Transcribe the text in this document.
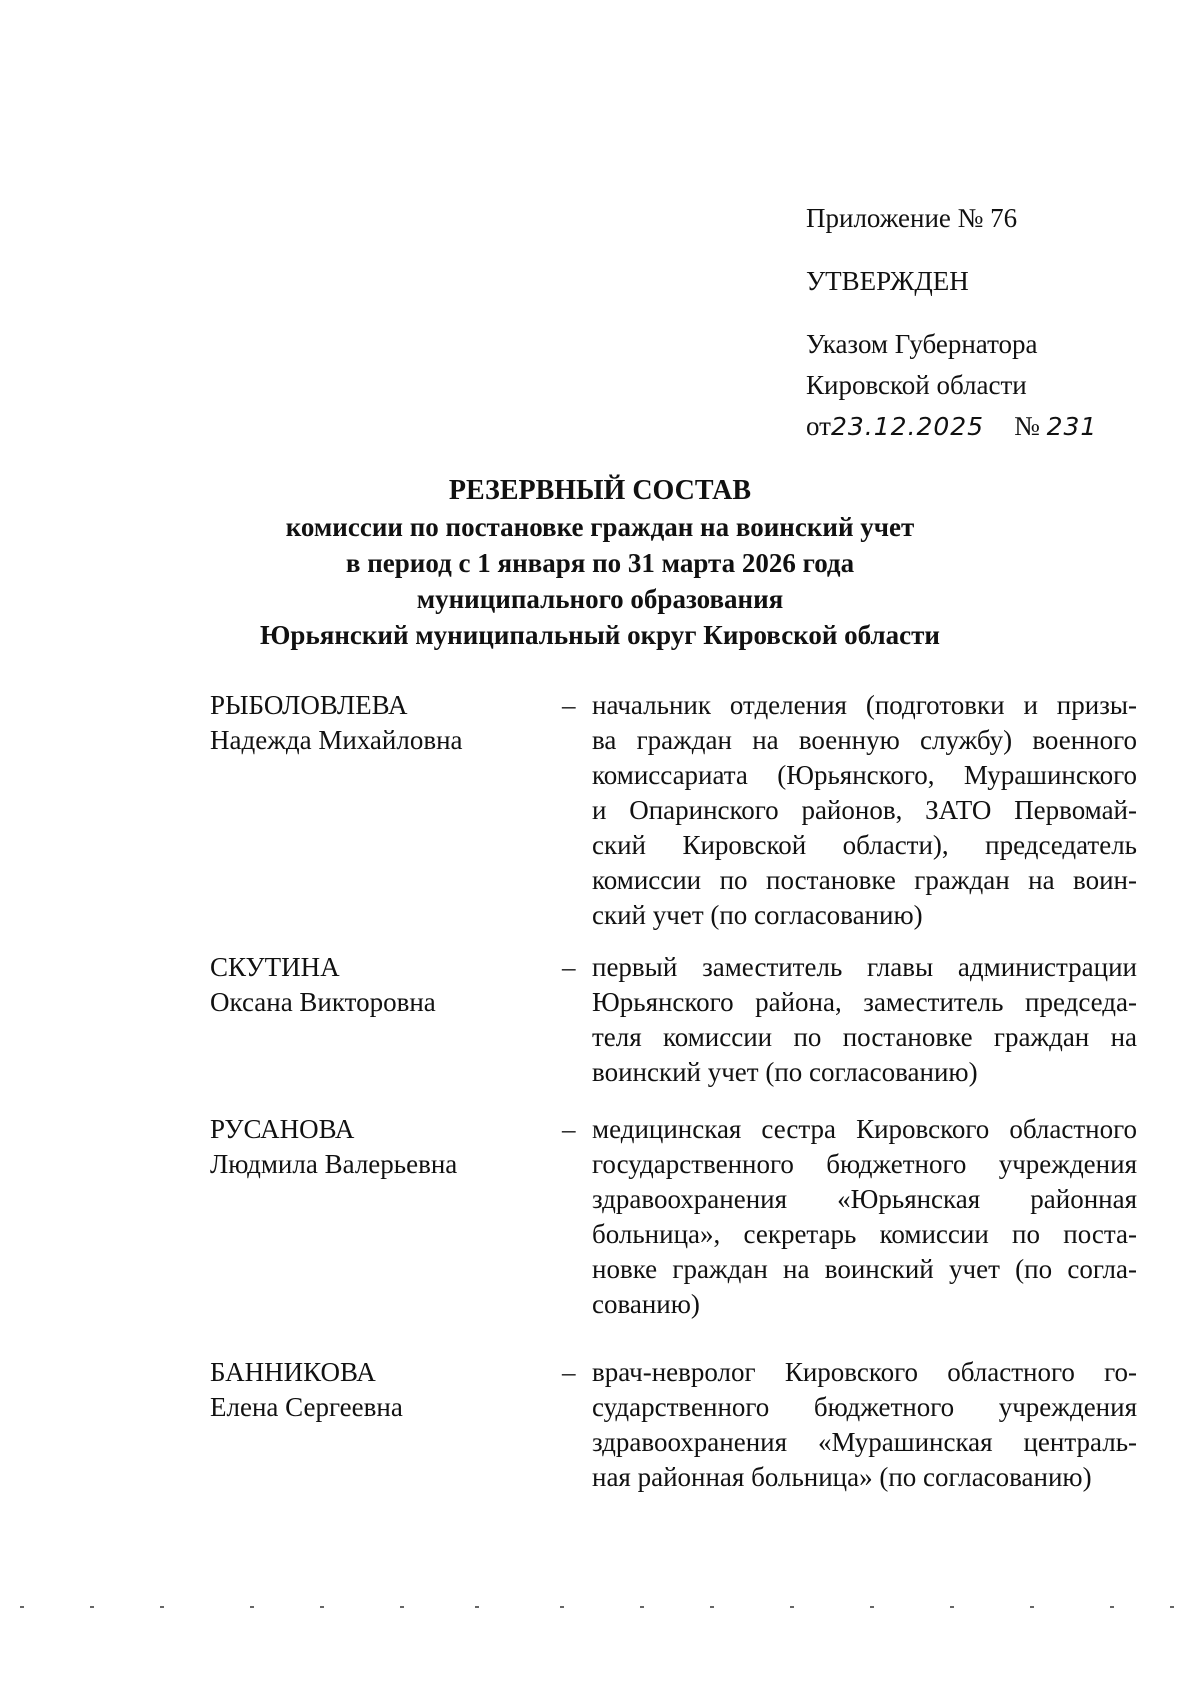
Приложение № 76
УТВЕРЖДЕН
Указом Губернатора
Кировской области
от23.12.2025 № 231
РЕЗЕРВНЫЙ СОСТАВ
комиссии по постановке граждан на воинский учет
в период с 1 января по 31 марта 2026 года
муниципального образования
Юрьянский муниципальный округ Кировской области
РЫБОЛОВЛЕВА
Надежда Михайловна
– начальник отделения (подготовки и призы-
ва граждан на военную службу) военного
комиссариата (Юрьянского, Мурашинского
и Опаринского районов, ЗАТО Первомай-
ский Кировской области), председатель
комиссии по постановке граждан на воин-
ский учет (по согласованию)
СКУТИНА
Оксана Викторовна
– первый заместитель главы администрации
Юрьянского района, заместитель председа-
теля комиссии по постановке граждан на
воинский учет (по согласованию)
РУСАНОВА
Людмила Валерьевна
– медицинская сестра Кировского областного
государственного бюджетного учреждения
здравоохранения «Юрьянская районная
больница», секретарь комиссии по поста-
новке граждан на воинский учет (по согла-
сованию)
БАННИКОВА
Елена Сергеевна
– врач-невролог Кировского областного го-
сударственного бюджетного учреждения
здравоохранения «Мурашинская централь-
ная районная больница» (по согласованию)
